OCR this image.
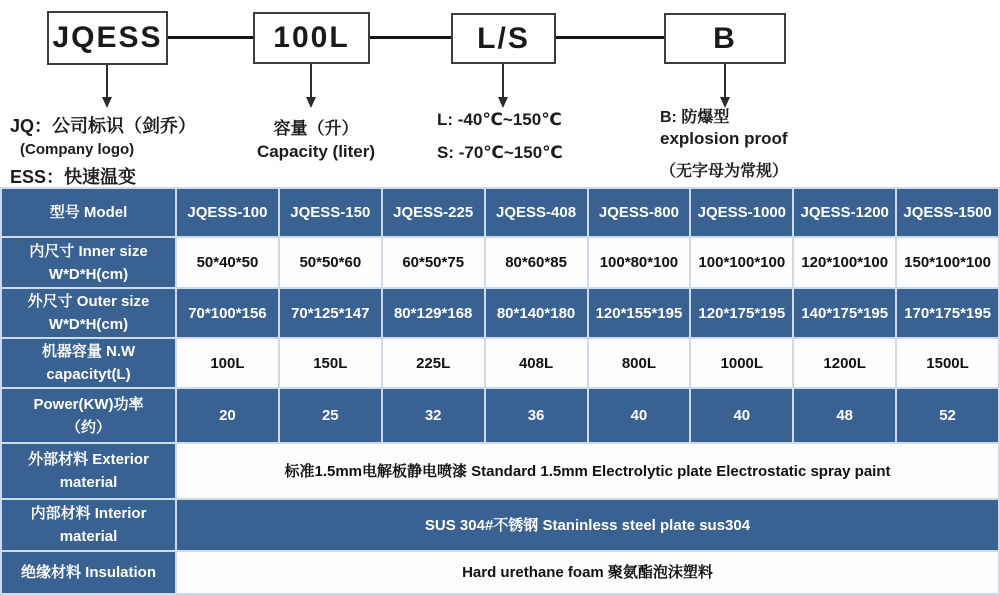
JQESS	100L	L/S	B
JQ：公司标识（剑乔）
(Company logo)
ESS：快速温变
容量（升）
Capacity (liter)
L: -40℃~150℃
S: -70℃~150℃
B: 防爆型
explosion proof
（无字母为常规）
型号 Model	JQESS-100 JQESS-150 JQESS-225 JQESS-408 JQESS-800 JQESS-1000 JQESS-1200 JQESS-1500
内尺寸 Inner size
W*D*H(cm)
50*40*50	50*50*60	60*50*75	80*60*85 100*80*100 100*100*100 120*100*100 150*100*100
外尺寸 Outer size
W*D*H(cm)
70*100*156 70*125*147 80*129*168 80*140*180 120*155*195 120*175*195 140*175*195 170*175*195
机器容量 N.W
capacityt(L)
100L	150L	225L	408L	800L	1000L	1200L	1500L
Power(KW)功率
（约）
20	25	32	36	40	40	48	52
外部材料 Exterior
material
标准1.5mm电解板静电喷漆 Standard 1.5mm Electrolytic plate Electrostatic spray paint
内部材料 Interior
material
SUS 304#不锈钢 Staninless steel plate sus304
绝缘材料 Insulation	Hard urethane foam 聚氨酯泡沫塑料
